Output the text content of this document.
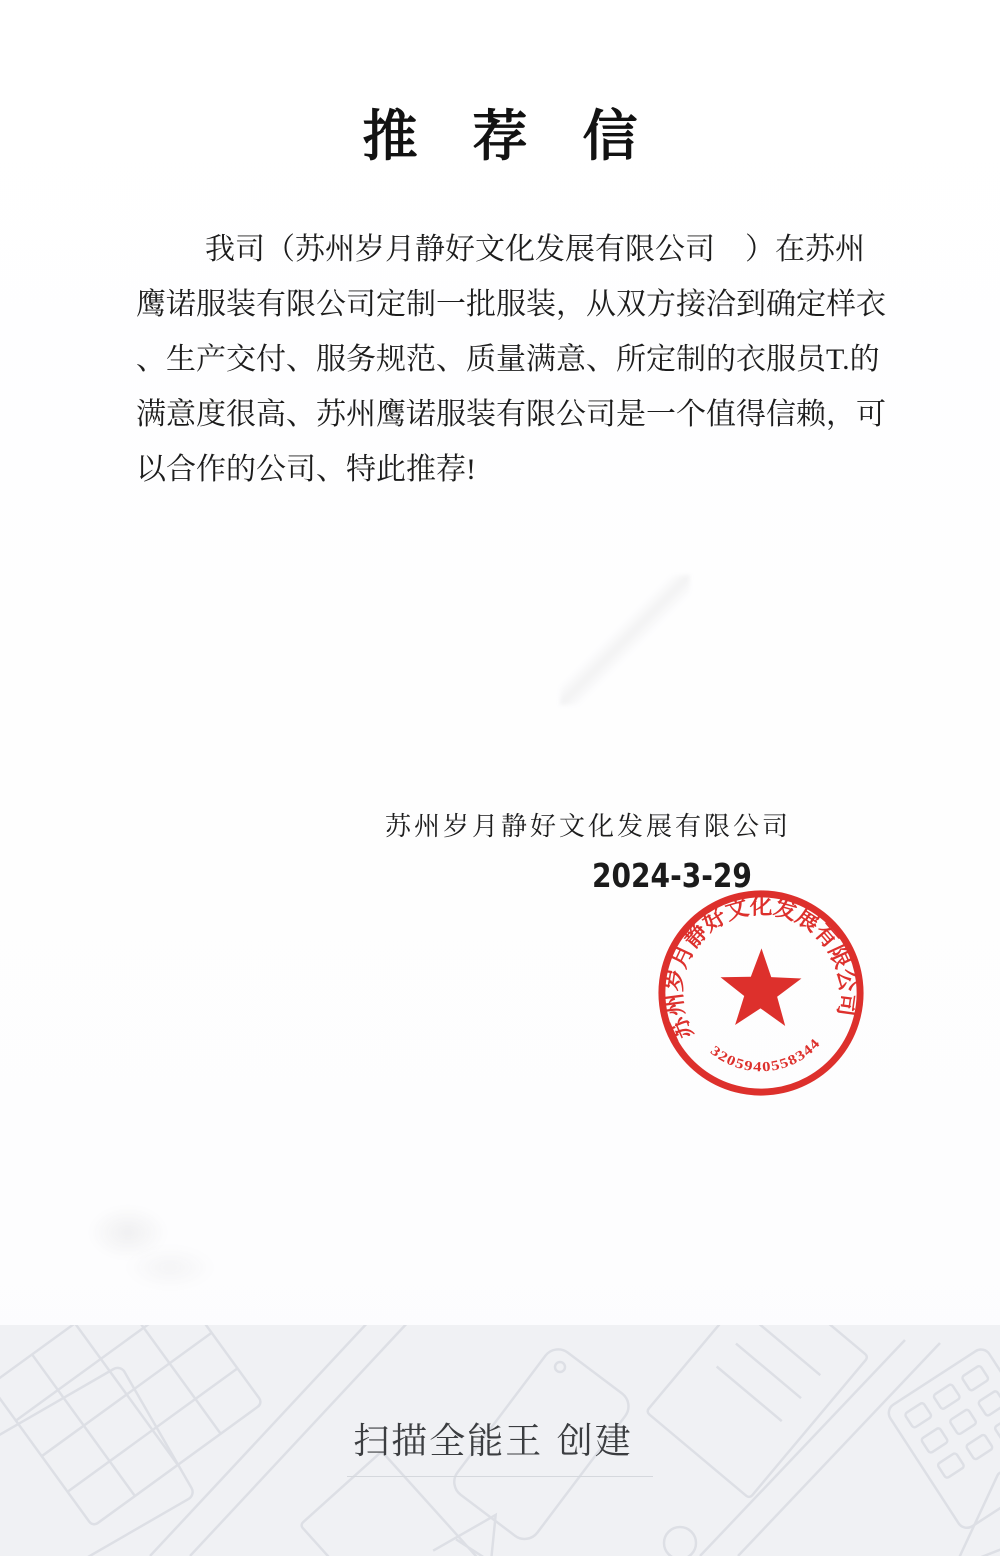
推　荐　信
我司（苏州岁月静好文化发展有限公司　）在苏州
鹰诺服装有限公司定制一批服装，从双方接洽到确定样衣
、生产交付、服务规范、质量满意、所定制的衣服员T.的
满意度很高、苏州鹰诺服装有限公司是一个值得信赖，可
以合作的公司、特此推荐!
苏州岁月静好文化发展有限公司
2024-3-29
苏州岁月静好文化发展有限公司
3205940558344
扫描全能王 创建
